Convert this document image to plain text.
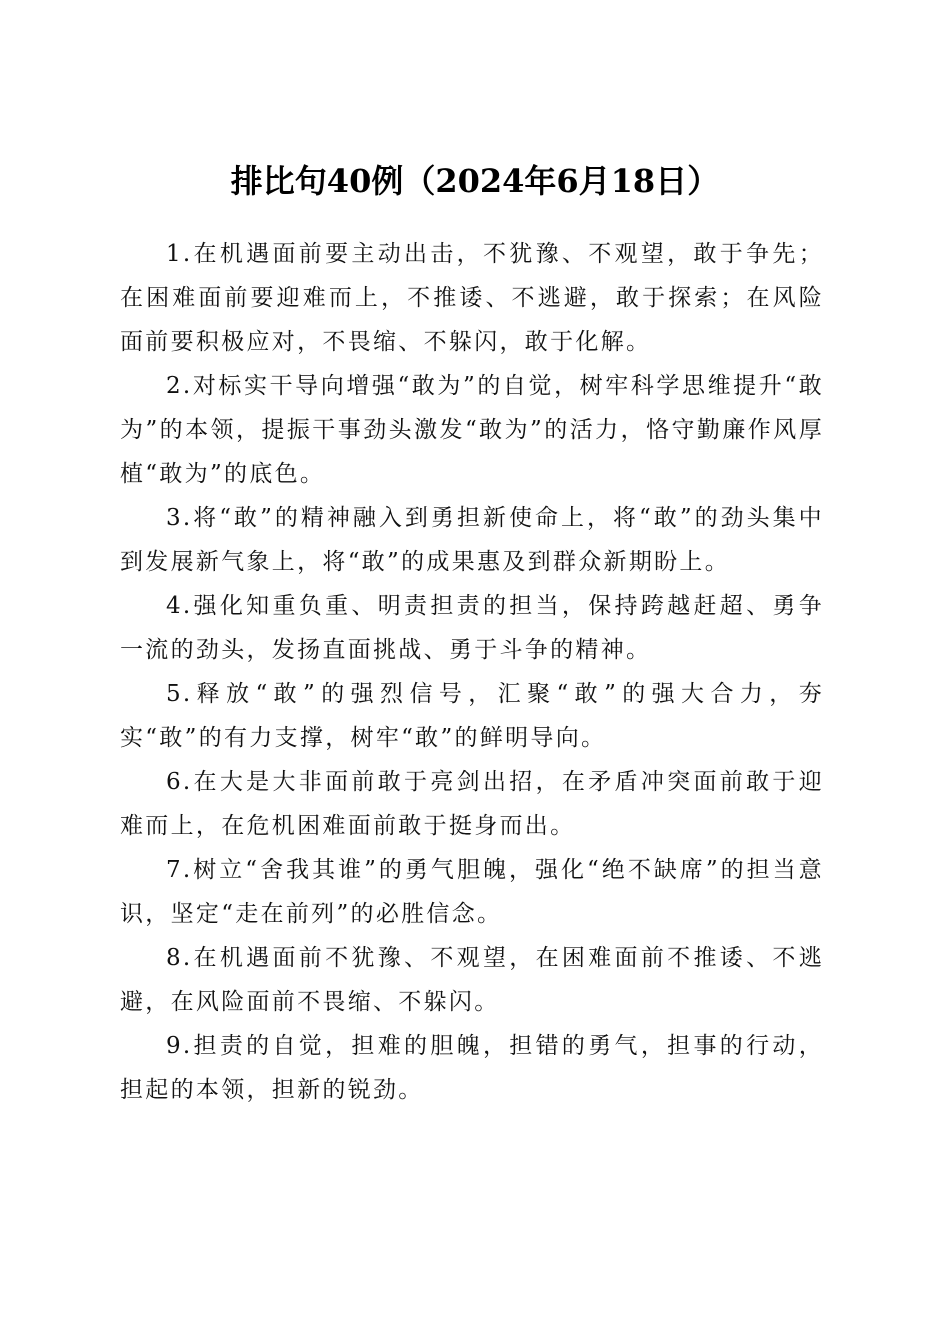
排比句40例（2024年6月18日）

1.在机遇面前要主动出击，不犹豫、不观望，敢于争先；在困难面前要迎难而上，不推诿、不逃避，敢于探索；在风险面前要积极应对，不畏缩、不躲闪，敢于化解。

2.对标实干导向增强“敢为”的自觉，树牢科学思维提升“敢为”的本领，提振干事劲头激发“敢为”的活力，恪守勤廉作风厚植“敢为”的底色。

3.将“敢”的精神融入到勇担新使命上，将“敢”的劲头集中到发展新气象上，将“敢”的成果惠及到群众新期盼上。

4.强化知重负重、明责担责的担当，保持跨越赶超、勇争一流的劲头，发扬直面挑战、勇于斗争的精神。

5.释放“敢”的强烈信号，汇聚“敢”的强大合力，夯实“敢”的有力支撑，树牢“敢”的鲜明导向。

6.在大是大非面前敢于亮剑出招，在矛盾冲突面前敢于迎难而上，在危机困难面前敢于挺身而出。

7.树立“舍我其谁”的勇气胆魄，强化“绝不缺席”的担当意识，坚定“走在前列”的必胜信念。

8.在机遇面前不犹豫、不观望，在困难面前不推诿、不逃避，在风险面前不畏缩、不躲闪。

9.担责的自觉，担难的胆魄，担错的勇气，担事的行动，担起的本领，担新的锐劲。
